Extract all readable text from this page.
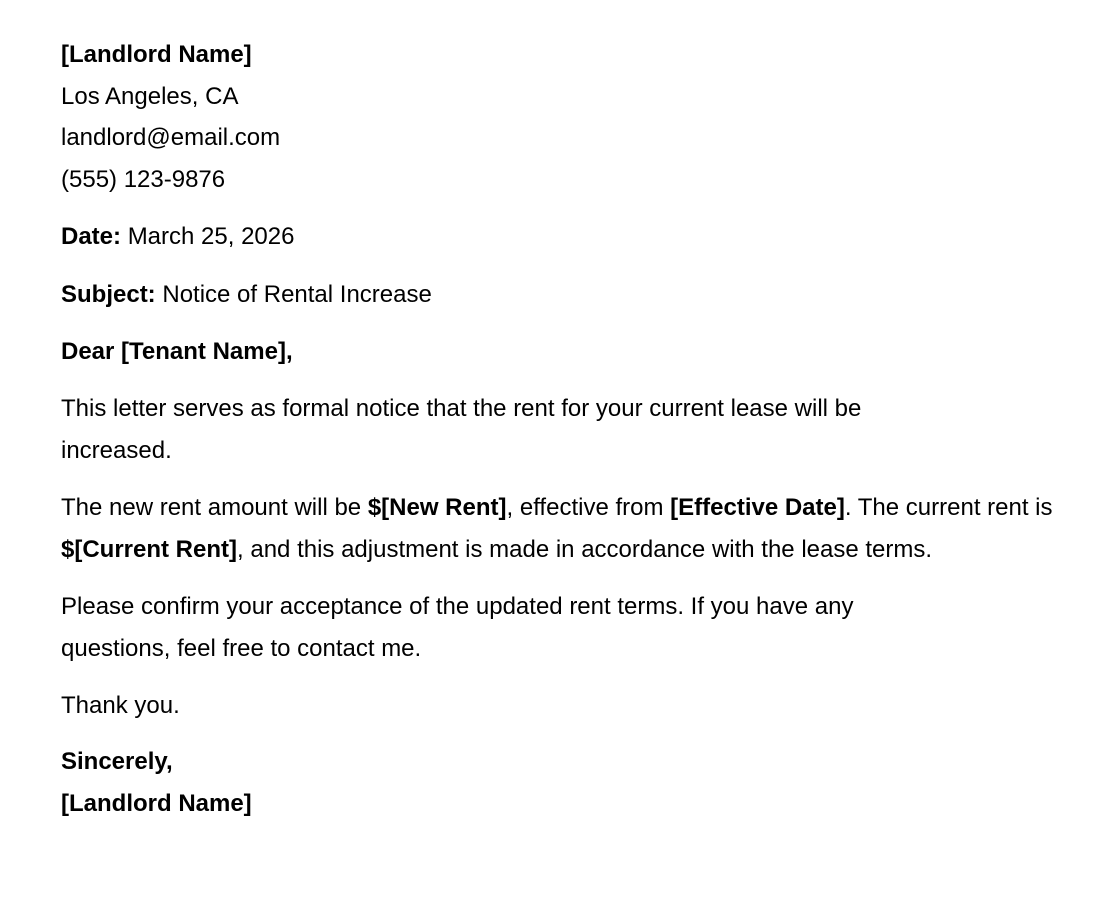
[Landlord Name]

Los Angeles, CA

landlord@email.com

(555) 123-9876

Date: March 25, 2026

Subject: Notice of Rental Increase

Dear [Tenant Name],

This letter serves as formal notice that the rent for your current lease will be increased.

The new rent amount will be $[New Rent], effective from [Effective Date]. The current rent is $[Current Rent], and this adjustment is made in accordance with the lease terms.

Please confirm your acceptance of the updated rent terms. If you have any questions, feel free to contact me.

Thank you.

Sincerely,

[Landlord Name]
